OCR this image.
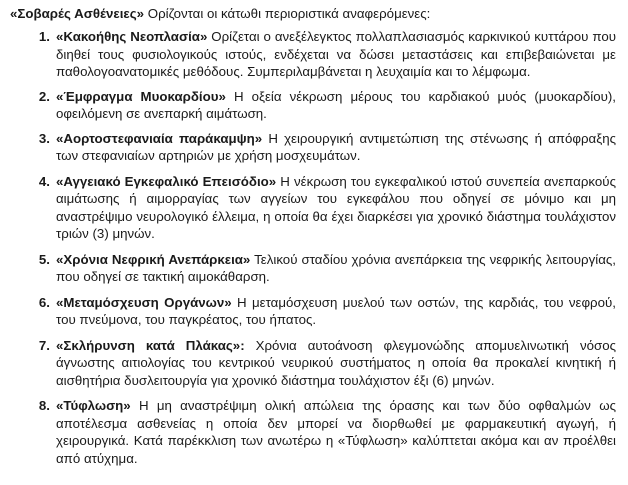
«Σοβαρές Ασθένειες» Ορίζονται οι κάτωθι περιοριστικά αναφερόμενες:

1. «Κακοήθης Νεοπλασία» Ορίζεται ο ανεξέλεγκτος πολλαπλασιασμός καρκινικού κυττάρου που διηθεί τους φυσιολογικούς ιστούς, ενδέχεται να δώσει μεταστάσεις και επιβεβαιώνεται με παθολογοανατομικές μεθόδους. Συμπεριλαμβάνεται η λευχαιμία και το λέμφωμα.
2. «Έμφραγμα Μυοκαρδίου» Η οξεία νέκρωση μέρους του καρδιακού μυός (μυοκαρδίου), οφειλόμενη σε ανεπαρκή αιμάτωση.
3. «Αορτοστεφανιαία παράκαμψη» Η χειρουργική αντιμετώπιση της στένωσης ή απόφραξης των στεφανιαίων αρτηριών με χρήση μοσχευμάτων.
4. «Αγγειακό Εγκεφαλικό Επεισόδιο» Η νέκρωση του εγκεφαλικού ιστού συνεπεία ανεπαρκούς αιμάτωσης ή αιμορραγίας των αγγείων του εγκεφάλου που οδηγεί σε μόνιμο και μη αναστρέψιμο νευρολογικό έλλειμα, η οποία θα έχει διαρκέσει για χρονικό διάστημα τουλάχιστον τριών (3) μηνών.
5. «Χρόνια Νεφρική Ανεπάρκεια» Τελικού σταδίου χρόνια ανεπάρκεια της νεφρικής λειτουργίας, που οδηγεί σε τακτική αιμοκάθαρση.
6. «Μεταμόσχευση Οργάνων» Η μεταμόσχευση μυελού των οστών, της καρδιάς, του νεφρού, του πνεύμονα, του παγκρέατος, του ήπατος.
7. «Σκλήρυνση κατά Πλάκας»: Χρόνια αυτοάνοση φλεγμονώδης απομυελινωτική νόσος άγνωστης αιτιολογίας του κεντρικού νευρικού συστήματος η οποία θα προκαλεί κινητική ή αισθητήρια δυσλειτουργία για χρονικό διάστημα τουλάχιστον έξι (6) μηνών.
8. «Τύφλωση» Η μη αναστρέψιμη ολική απώλεια της όρασης και των δύο οφθαλμών ως αποτέλεσμα ασθενείας η οποία δεν μπορεί να διορθωθεί με φαρμακευτική αγωγή, ή χειρουργικά. Κατά παρέκκλιση των ανωτέρω η «Τύφλωση» καλύπτεται ακόμα και αν προέλθει από ατύχημα.
